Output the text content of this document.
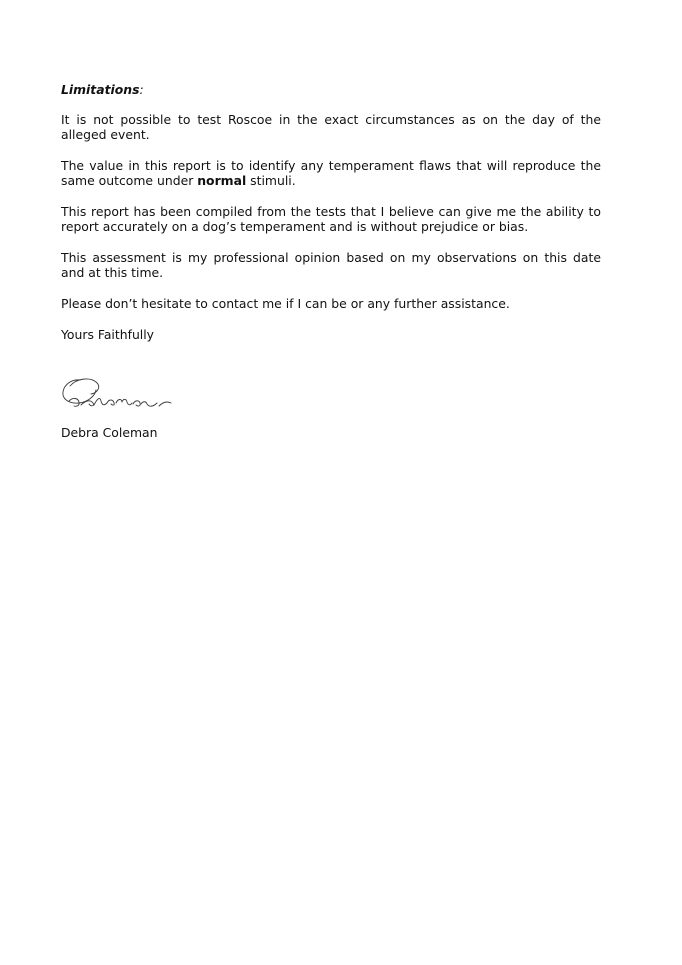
Limitations:

It is not possible to test Roscoe in the exact circumstances as on the day of the alleged event.

The value in this report is to identify any temperament flaws that will reproduce the same outcome under normal stimuli.

This report has been compiled from the tests that I believe can give me the ability to report accurately on a dog’s temperament and is without prejudice or bias.

This assessment is my professional opinion based on my observations on this date and at this time.

Please don’t hesitate to contact me if I can be or any further assistance.

Yours Faithfully
Debra Coleman
